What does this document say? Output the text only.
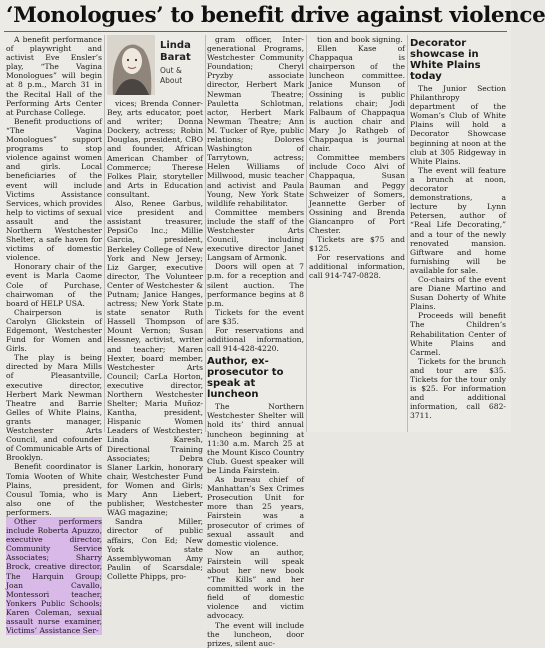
‘Monologues’ to benefit drive against violence

A benefit performance of playwright and activist Eve Ensler’s play, “The Vagina Monologues” will begin at 8 p.m., March 31 in the Recital Hall of the Performing Arts Center at Purchase College.

Benefit productions of “The Vagina Monologues” support programs to stop violence against women and girls. Local beneficiaries of the event will include Victims Assistance Services, which provides help to victims of sexual assault and the Northern Westchester Shelter, a safe haven for victims of domestic violence.

Honorary chair of the event is Marla Caome Cole of Purchase, chairwoman of the board of HELP USA.

Chairperson is Carolyn Glickstein of Edgemont, Westchester Fund for Women and Girls.

The play is being directed by Mara Mills of Pleasantville, executive director, Herbert Mark Newman Theatre and Barrie Gelles of White Plains, grants manager, Westchester Arts Council, and cofounder of Communicable Arts of Brooklyn.

Benefit coordinator is Tomia Wooten of White Plains, president, Cousul Tomia, who is also one of the performers.

Other performers include Roberta Apuzzo, executive director, Community Service Associates; Sharry Brock, creative director, The Harquin Group; Joan Cavallo, Montessori teacher, Yonkers Public Schools; Karen Coleman, sexual assault nurse examiner, Victims’ Assistance Ser-

Linda Barat
Out & About

vices; Brenda Conner-Bey, arts educator, poet and writer; Donna Dockery, actress; Robin Douglas, president, CBO and founder, African American Chamber of Commerce; Therese Folkes Plair, storyteller and Arts in Education consultant.

Also, Renee Garbus, vice president and assistant treasurer, PepsiCo Inc.; Millie Garcia, president, Berkeley College of New York and New Jersey; Liz Garger, executive director, The Volunteer Center of Westchester & Putnam; Janice Hanges, actress; New York State state senator Ruth Hassell Thompson of Mount Vernon; Susan Hessney, activist, writer and teacher; Maren Hexter, board member, Westchester Arts Council; CarLa Horton, executive director, Northern Westchester Shelter; Maria Muñoz-Kantha, president, Hispanic Women Leaders of Westchester; Linda Karesh, Directional Training Associates; Debra Slaner Larkin, honorary chair, Westchester Fund for Women and Girls; Mary Ann Liebert, publisher, Westchester WAG magazine;

Sandra Miller, director of public affairs, Con Ed; New York state Assemblywoman Amy Paulin of Scarsdale; Collette Phipps, pro-

gram officer, Inter-generational Programs, Westchester Community Foundation; Cheryl Pryzby associate director, Herbert Mark Newman Theatre; Pauletta Schlotman, actor, Herbert Mark Newman Theatre; Ann M. Tucker of Rye, public relations; Dolores Washington of Tarrytown, actress; Helen Williams of Millwood, music teacher and activist and Paula Young, New York State wildlife rehabilitator.

Committee members include the staff of the Westchester Arts Council, including executive director Janet Langsam of Armonk.

Doors will open at 7 p.m. for a reception and silent auction. The performance begins at 8 p.m.

Tickets for the event are $35.

For reservations and additional information, call 914-428-4220.

Author, ex-prosecutor to speak at luncheon

The Northern Westchester Shelter will hold its’ third annual luncheon beginning at 11:30 a.m. March 25 at the Mount Kisco Country Club. Guest speaker will be Linda Fairstein.

As bureau chief of Manhattan’s Sex Crimes Prosecution Unit for more than 25 years, Fairstein was a prosecutor of crimes of sexual assault and domestic violence.

Now an author, Fairstein will speak about her new book “The Kills” and her committed work in the field of domestic violence and victim advocacy.

The event will include the luncheon, door prizes, silent auc-

tion and book signing.

Ellen Kase of Chappaqua is chairperson of the luncheon committee. Janice Munson of Ossining is public relations chair; Jodi Falbaum of Chappaqua is auction chair and Mary Jo Rathgeb of Chappaqua is journal chair.

Committee members include Coco Alvi of Chappaqua, Susan Bauman and Peggy Schweizer of Somers, Jeannette Gerber of Ossining and Brenda Giancanpro of Port Chester.

Tickets are $75 and $125.

For reservations and additional information, call 914-747-0828.

Decorator showcase in White Plains today

The Junior Section Philanthropy department of the Woman’s Club of White Plains will hold a Decorator Showcase beginning at noon at the club at 305 Ridgeway in White Plains.

The event will feature a brunch at noon, decorator demonstrations, a lecture by Lynn Petersen, author of “Real Life Decorating,” and a tour of the newly renovated mansion. Giftware and home furnishing will be available for sale.

Co-chairs of the event are Diane Martino and Susan Doherty of White Plains.

Proceeds will benefit The Children’s Rehabilitation Center of White Plains and Carmel.

Tickets for the brunch and tour are $35. Tickets for the tour only is $25. For information and additional information, call 682-3711.
